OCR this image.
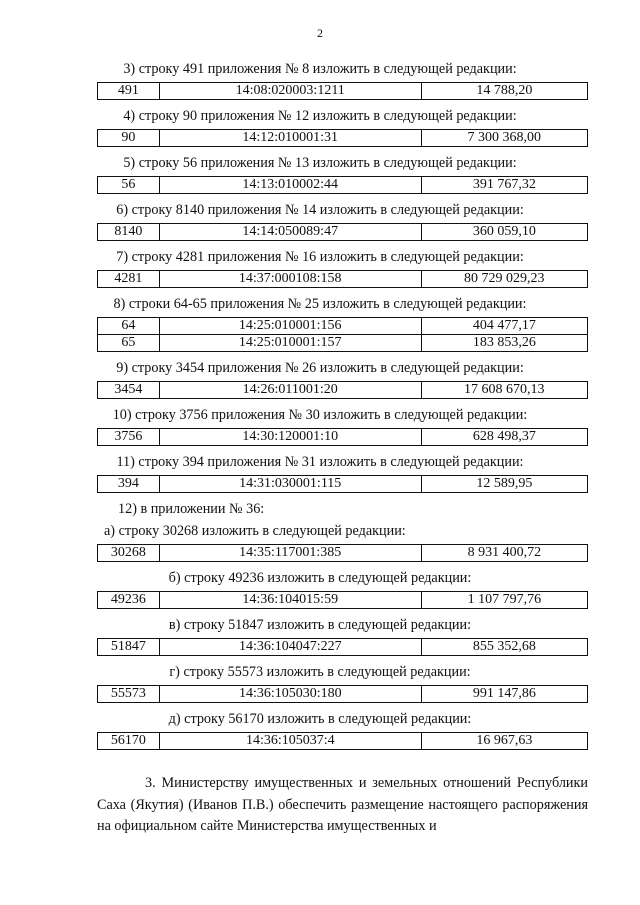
2
3) строку 491 приложения № 8 изложить в следующей редакции:
491	14:08:020003:1211	14 788,20
4) строку 90 приложения № 12 изложить в следующей редакции:
90	14:12:010001:31	7 300 368,00
5) строку 56 приложения № 13 изложить в следующей редакции:
56	14:13:010002:44	391 767,32
6) строку 8140 приложения № 14 изложить в следующей редакции:
8140	14:14:050089:47	360 059,10
7) строку 4281 приложения № 16 изложить в следующей редакции:
4281	14:37:000108:158	80 729 029,23
8) строки 64-65 приложения № 25 изложить в следующей редакции:
64	14:25:010001:156	404 477,17
65	14:25:010001:157	183 853,26
9) строку 3454 приложения № 26 изложить в следующей редакции:
3454	14:26:011001:20	17 608 670,13
10) строку 3756 приложения № 30 изложить в следующей редакции:
3756	14:30:120001:10	628 498,37
11) строку 394 приложения № 31 изложить в следующей редакции:
394	14:31:030001:115	12 589,95
12) в приложении № 36:
а) строку 30268 изложить в следующей редакции:
30268	14:35:117001:385	8 931 400,72
б) строку 49236 изложить в следующей редакции:
49236	14:36:104015:59	1 107 797,76
в) строку 51847 изложить в следующей редакции:
51847	14:36:104047:227	855 352,68
г) строку 55573 изложить в следующей редакции:
55573	14:36:105030:180	991 147,86
д) строку 56170 изложить в следующей редакции:
56170	14:36:105037:4	16 967,63
3. Министерству имущественных и земельных отношений Республики Саха (Якутия) (Иванов П.В.) обеспечить размещение настоящего распоряжения на официальном сайте Министерства имущественных и
